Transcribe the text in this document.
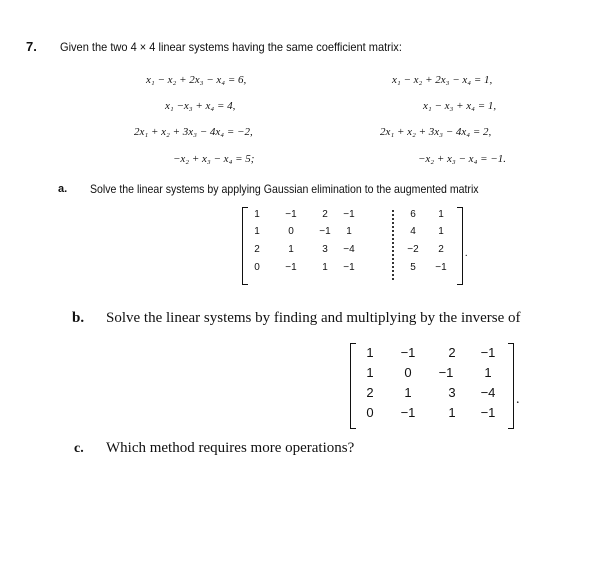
7. Given the two 4 × 4 linear systems having the same coefficient matrix:
x₁ − x₂ + 2x₃ − x₄ = 6,
x₁ −x₃ + x₄ = 4,
2x₁ + x₂ + 3x₃ − 4x₄ = −2,
−x₂ + x₃ − x₄ = 5;
x₁ − x₂ + 2x₃ − x₄ = 1,
x₁ − x₃ + x₄ = 1,
2x₁ + x₂ + 3x₃ − 4x₄ = 2,
−x₂ + x₃ − x₄ = −1.
a. Solve the linear systems by applying Gaussian elimination to the augmented matrix
1	−1	2	−1	6	1
1	0	−1	1	4	1
2	1	3	−4	−2	2
0	−1	1	−1	5	−1
.
b. Solve the linear systems by finding and multiplying by the inverse of
1	−1	2	−1
1	0	−1	1
2	1	3	−4
0	−1	1	−1
.
c. Which method requires more operations?
